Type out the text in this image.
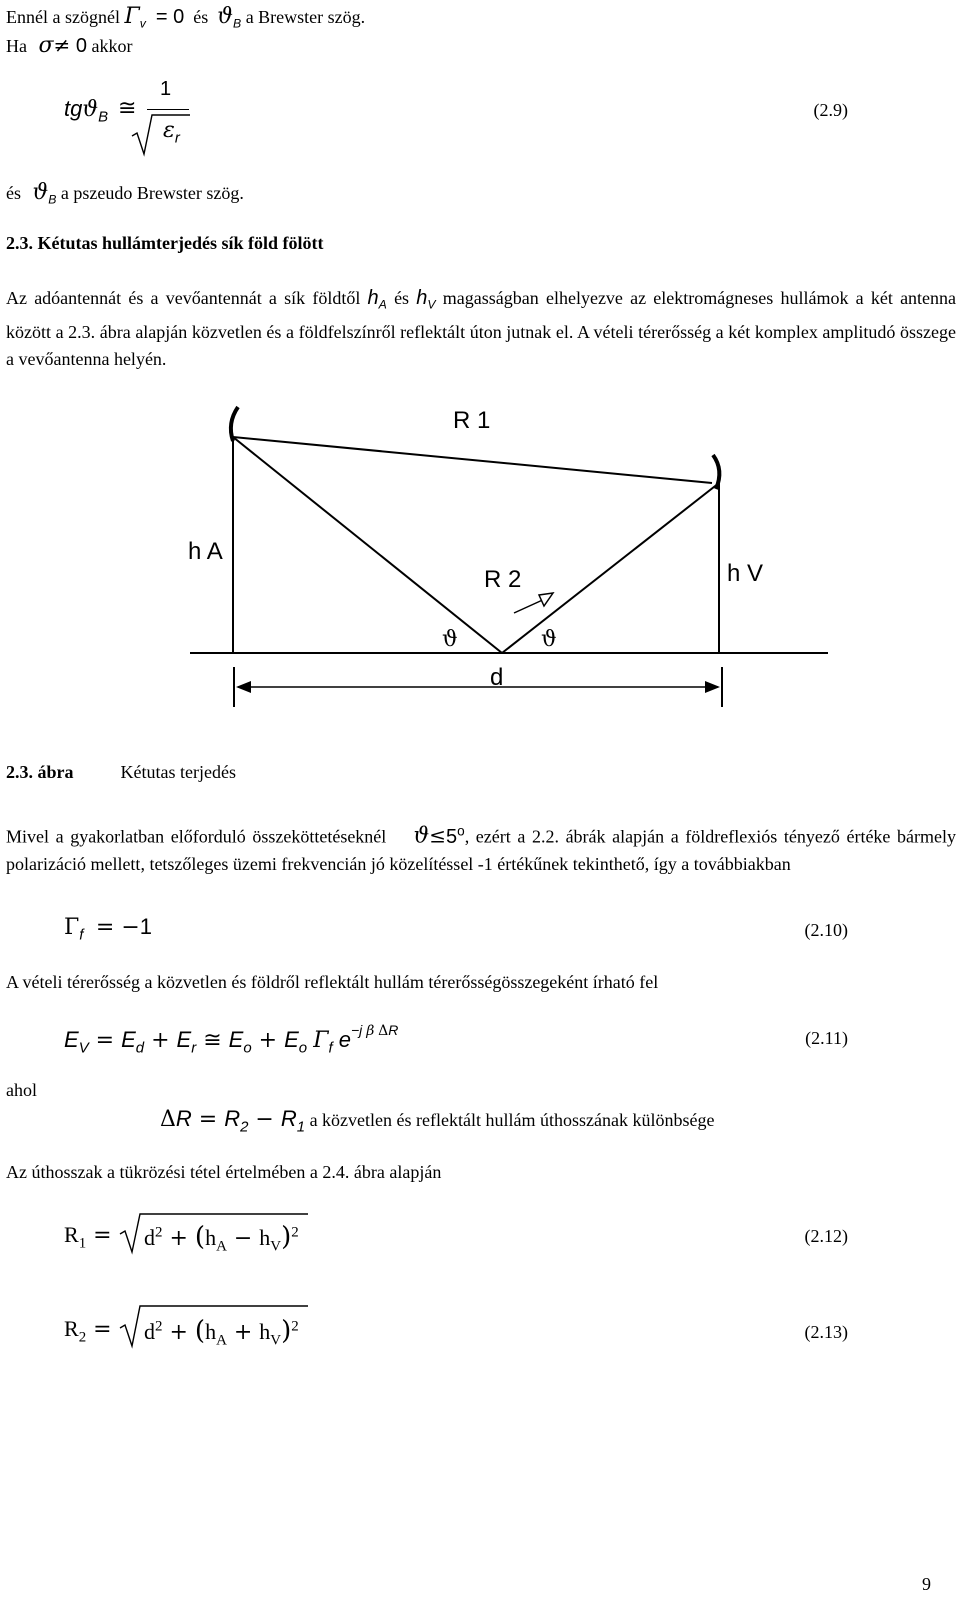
Ennél a szögnél $\Gamma_v = 0$ és $ϑ_B$ a Brewster szög.
Ha  σ≠ 0 akkor
tgϑ$_B$ ≅
1
$\varepsilon_r$
(2.9)
és  $ϑ_B$ a pszeudo Brewster szög.
2.3. Kétutas hullámterjedés sík föld fölött
Az adóantennát és a vevőantennát a sík földtől $h_A$ és $h_V$ magasságban elhelyezve az elektromágneses hullámok a két antenna között a 2.3. ábra alapján közvetlen és a földfelszínről reflektált úton jutnak el. A vételi térerősség a két komplex amplitudó összege a vevőantenna helyén.
R 1
h A
R 2	h V
ϑ	ϑ
d
2.3. ábra	Kétutas terjedés
Mivel a gyakorlatban előforduló összeköttetéseknél $ϑ\le 5^o$, ezért a 2.2. ábrák alapján a földreflexiós tényező értéke bármely polarizáció mellett, tetszőleges üzemi frekvencián jó közelítéssel -1 értékűnek tekinthető, így a továbbiakban
$\Gamma_f = -1$	(2.10)
A vételi térerősség a közvetlen és földről reflektált hullám térerősségösszegeként írható fel
$E_V = E_d + E_r$ ≅ $E_o + E_o$ $\Gamma_f$ $e^{-j \beta \Delta R}$	(2.11)
ahol
$\Delta R = R_2 - R_1$ a közvetlen és reflektált hullám úthosszának különbsége
Az úthosszak a tükrözési tétel értelmében a 2.4. ábra alapján
$R_1 = d^2 + (h_A - h_V)^2$	(2.12)
$R_2 = d^2 + (h_A + h_V)^2$	(2.13)
9
